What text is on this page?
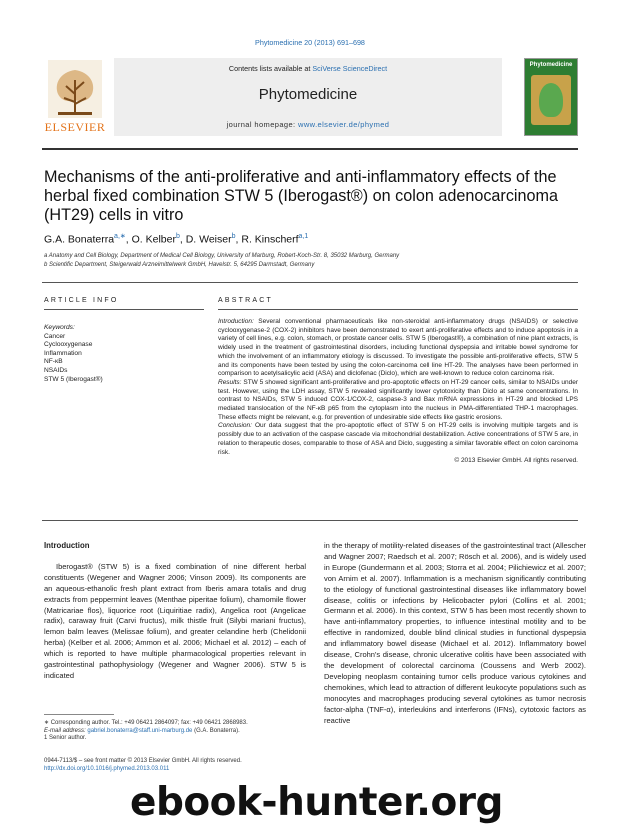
Phytomedicine 20 (2013) 691–698
ELSEVIER
Contents lists available at SciVerse ScienceDirect
Phytomedicine
journal homepage: www.elsevier.de/phymed
Phytomedicine
Mechanisms of the anti-proliferative and anti-inflammatory effects of the herbal fixed combination STW 5 (Iberogast®) on colon adenocarcinoma (HT29) cells in vitro
G.A. Bonaterra$^{a,∗}$, O. Kelber$^b$, D. Weiser$^b$, R. Kinscherf$^{a,1}$
a Anatomy and Cell Biology, Department of Medical Cell Biology, University of Marburg, Robert-Koch-Str. 8, 35032 Marburg, Germany
b Scientific Department, Steigerwald Arzneimittelwerk GmbH, Havelstr. 5, 64295 Darmstadt, Germany
ARTICLE INFO	ABSTRACT
Keywords:
Cancer
Cyclooxygenase
Inflammation
NF-κB
NSAIDs
STW 5 (Iberogast®)

Introduction: Several conventional pharmaceuticals like non-steroidal anti-inflammatory drugs (NSAIDS) or selective cyclooxygenase-2 (COX-2) inhibitors have been demonstrated to exert anti-proliferative effects and to induce apoptosis in a variety of cell lines, e.g. colon, stomach, or prostate cancer cells. STW 5 (Iberogast®), a combination of nine plant extracts, is widely used in the treatment of gastrointestinal disorders, including functional dyspepsia and irritable bowel syndrome for which the involvement of an inflammatory etiology is discussed. To investigate the possible anti-proliferative effects, STW 5 and its components have been tested by using the colon-carcinoma cell line HT-29. The analyses have been performed in comparison to acetylsalicylic acid (ASA) and diclofenac (Diclo), which are well-known to reduce colon carcinoma risk.

Results: STW 5 showed significant anti-proliferative and pro-apoptotic effects on HT-29 cancer cells, similar to NSAIDs under test. However, using the LDH assay, STW 5 revealed significantly lower cytotoxicity than Diclo at same concentrations. In contrast to NSAIDs, STW 5 induced COX-1/COX-2, caspase-3 and Bax mRNA expressions in HT-29 and blocked LPS mediated translocation of the NF-κB p65 from the cytoplasm into the nucleus in PMA-differentiated THP-1 macrophages. These effects might be relevant, e.g. for prevention of undesirable side effects like gastric erosions.

Conclusion: Our data suggest that the pro-apoptotic effect of STW 5 on HT-29 cells is involving multiple targets and is possibly due to an activation of the caspase cascade via mitochondrial destabilization. Active concentrations of STW 5 are, in relation to therapeutic doses, comparable to those of ASA and Diclo, suggesting a similar favorable effect on colon carcinoma risk.

© 2013 Elsevier GmbH. All rights reserved.

Introduction
Iberogast® (STW 5) is a fixed combination of nine different herbal constituents (Wegener and Wagner 2006; Vinson 2009). Its components are an aqueous-ethanolic fresh plant extract from Iberis amara totalis and drug extracts from peppermint leaves (Menthae piperitae folium), chamomile flower (Matricariae flos), liquorice root (Liquiritiae radix), Angelica root (Angelicae radix), caraway fruit (Carvi fructus), milk thistle fruit (Silybi mariani fructus), lemon balm leaves (Melissae folium), and greater celandine herb (Chelidonii herba) (Kelber et al. 2006; Ammon et al. 2006; Michael et al. 2012) – each of which is reported to have multiple pharmacological properties relevant in gastrointestinal pathophysiology (Wegener and Wagner 2006). STW 5 is indicated
in the therapy of motility-related diseases of the gastrointestinal tract (Allescher and Wagner 2007; Raedsch et al. 2007; Rösch et al. 2006), and is widely used in Europe (Gundermann et al. 2003; Storra et al. 2004; Pilichiewicz et al. 2007; von Arnim et al. 2007). Inflammation is a mechanism significantly contributing to the etiology of functional gastrointestinal diseases like inflammatory bowel disease, colitis or infections by Helicobacter pylori (Collins et al. 2001; Germann et al. 2006). In this context, STW 5 has been most recently shown to have anti-inflammatory properties, to influence intestinal motility and to be effective in randomized, double blind clinical studies in functional dyspepsia and inflammatory bowel disease (Michael et al. 2012). Inflammatory bowel disease, Crohn's disease, chronic ulcerative colitis have been associated with the development of colorectal carcinoma (Coussens and Werb 2002). Developing neoplasm containing tumor cells produce various cytokines and chemokines, which lead to attraction of different leukocyte populations such as monocytes and macrophages producing several cytokines as tumor necrosis factor-alpha (TNF-α), interleukins and interferons (IFNs), cytotoxic factors as reactive
∗ Corresponding author. Tel.: +49 06421 2864097; fax: +49 06421 2868983.
E-mail address: gabriel.bonaterra@staff.uni-marburg.de (G.A. Bonaterra).
1 Senior author.
0944-7113/$ – see front matter © 2013 Elsevier GmbH. All rights reserved.
http://dx.doi.org/10.1016/j.phymed.2013.03.011
ebook-hunter.org
